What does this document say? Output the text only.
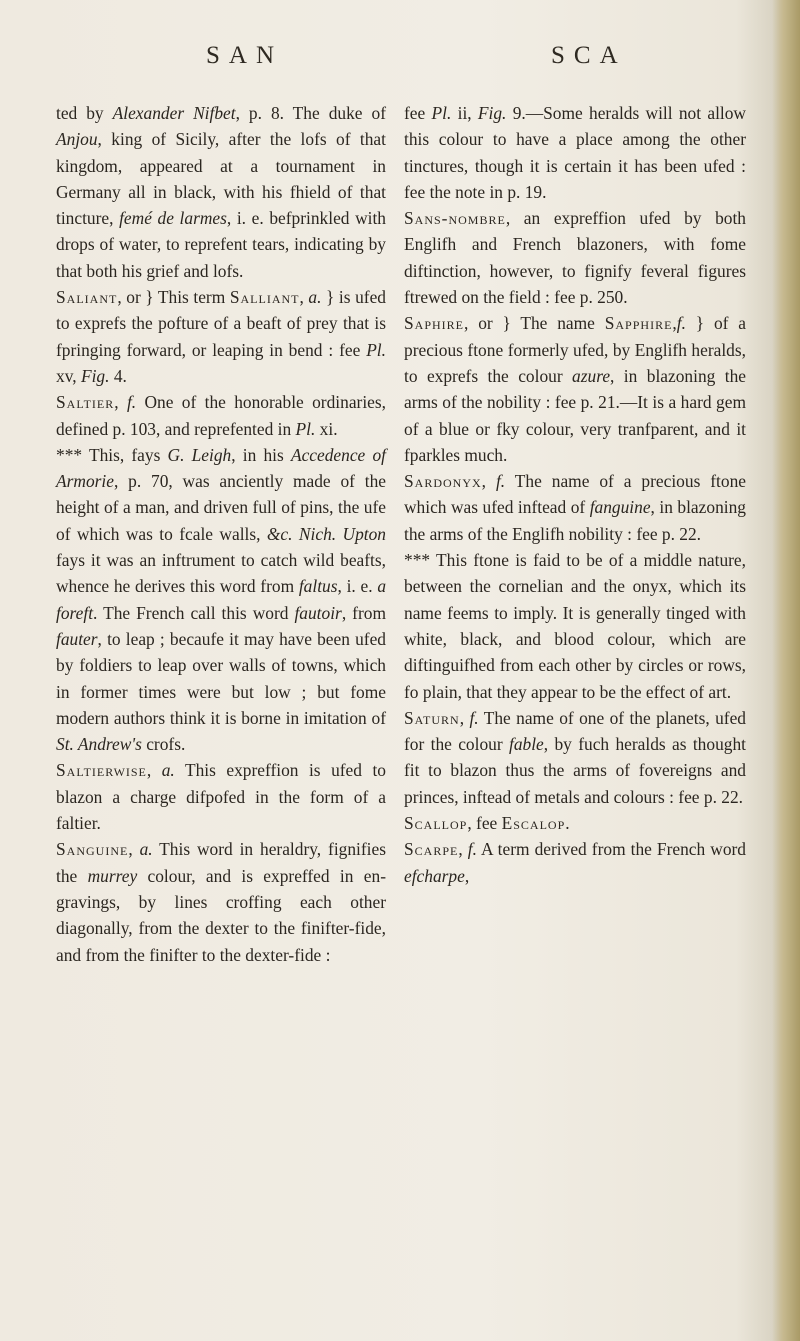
SAN	SCA

ted by Alexander Nifbet, p. 8. The duke of Anjou, king of Sicily, after the lofs of that kingdom, appeared at a tournament in Germany all in black, with his fhield of that tincture, femé de larmes, i. e. befprinkled with drops of water, to reprefent tears, indicating by that both his grief and lofs.

Saliant, or } This term Salliant, a. } is ufed to exprefs the pofture of a beaft of prey that is fpringing forward, or leaping in bend : fee Pl. xv, Fig. 4.

Saltier, f. One of the honorable ordinaries, defined p. 103, and reprefented in Pl. xi.

*** This, fays G. Leigh, in his Accedence of Armorie, p. 70, was anciently made of the height of a man, and driven full of pins, the ufe of which was to fcale walls, &c. Nich. Upton fays it was an inftrument to catch wild beafts, whence he derives this word from faltus, i. e. a foreft. The French call this word fautoir, from fauter, to leap ; becaufe it may have been ufed by foldiers to leap over walls of towns, which in former times were but low ; but fome modern authors think it is borne in imitation of St. Andrew's crofs.

Saltierwise, a. This expreffion is ufed to blazon a charge difpofed in the form of a faltier.

Sanguine, a. This word in heraldry, fignifies the murrey colour, and is expreffed in engravings, by lines croffing each other diagonally, from the dexter to the finifter-fide, and from the finifter to the dexter-fide :

fee Pl. ii, Fig. 9.—Some heralds will not allow this colour to have a place among the other tinctures, though it is certain it has been ufed : fee the note in p. 19.

Sans-nombre, an expreffion ufed by both Englifh and French blazoners, with fome diftinction, however, to fignify feveral figures ftrewed on the field : fee p. 250.

Saphire, or } The name Sapphire,f. } of a precious ftone formerly ufed, by Englifh heralds, to exprefs the colour azure, in blazoning the arms of the nobility : fee p. 21.—It is a hard gem of a blue or fky colour, very tranfparent, and it fparkles much.

Sardonyx, f. The name of a precious ftone which was ufed inftead of fanguine, in blazoning the arms of the Englifh nobility : fee p. 22.

*** This ftone is faid to be of a middle nature, between the cornelian and the onyx, which its name feems to imply. It is generally tinged with white, black, and blood colour, which are diftinguifhed from each other by circles or rows, fo plain, that they appear to be the effect of art.

Saturn, f. The name of one of the planets, ufed for the colour fable, by fuch heralds as thought fit to blazon thus the arms of fovereigns and princes, inftead of metals and colours : fee p. 22.

Scallop, fee Escalop.

Scarpe, f. A term derived from the French word efcharpe,
